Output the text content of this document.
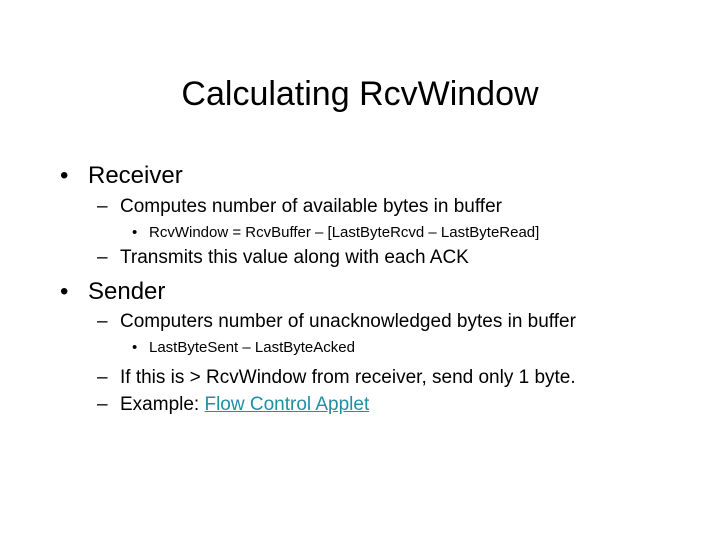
Calculating RcvWindow
• Receiver
– Computes number of available bytes in buffer
• RcvWindow = RcvBuffer – [LastByteRcvd – LastByteRead]
– Transmits this value along with each ACK
• Sender
– Computers number of unacknowledged bytes in buffer
• LastByteSent – LastByteAcked
– If this is > RcvWindow from receiver, send only 1 byte.
– Example: Flow Control Applet
